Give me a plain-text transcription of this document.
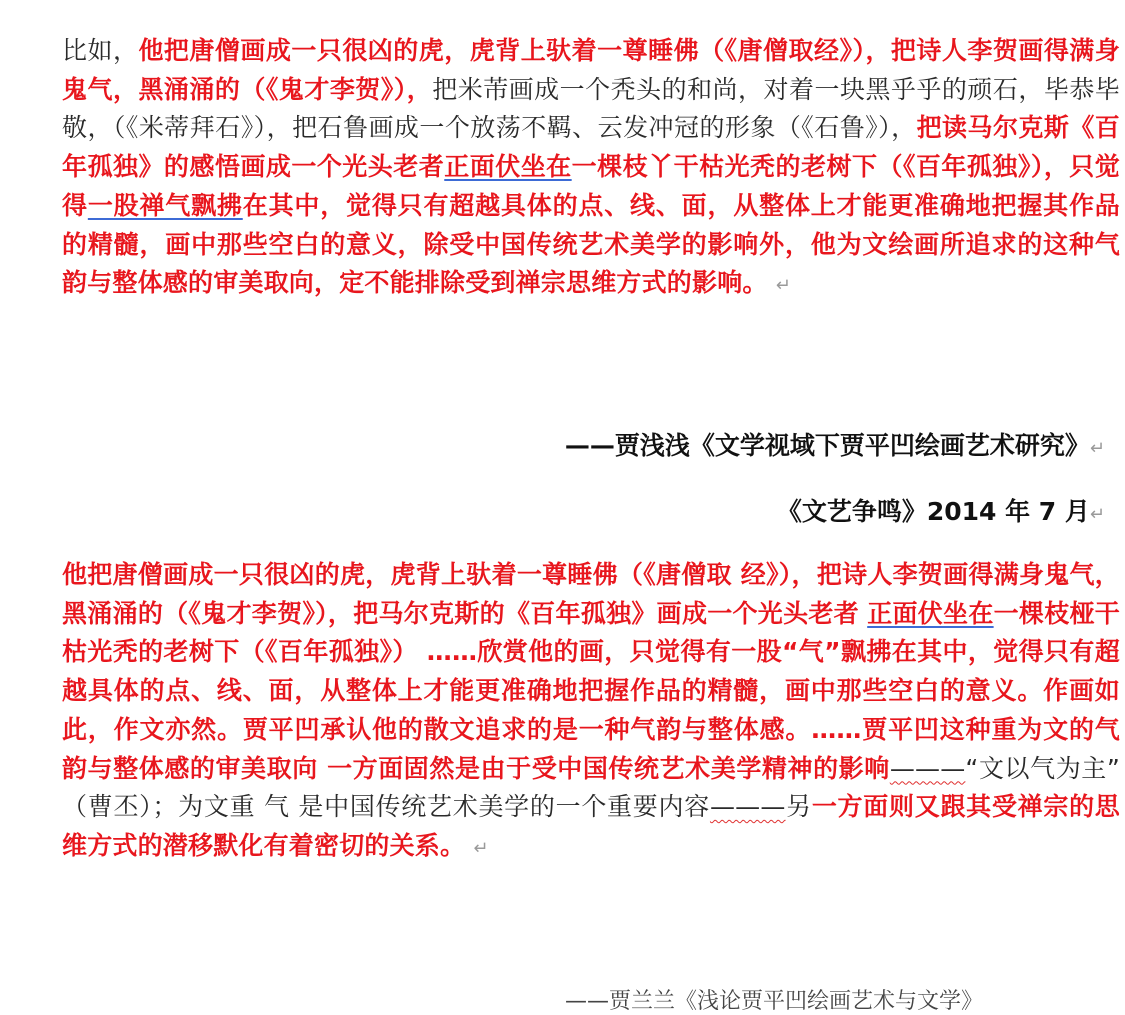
比如，他把唐僧画成一只很凶的虎，虎背上驮着一尊睡佛（《唐僧取经》），把诗人李贺画得满身鬼气，黑涌涌的（《鬼才李贺》），把米芾画成一个秃头的和尚，对着一块黑乎乎的顽石，毕恭毕敬，（《米蒂拜石》），把石鲁画成一个放荡不羁、云发冲冠的形象（《石鲁》），把读马尔克斯《百年孤独》的感悟画成一个光头老者正面伏坐在一棵枝丫干枯光秃的老树下（《百年孤独》），只觉得一股禅气飘拂在其中，觉得只有超越具体的点、线、面，从整体上才能更准确地把握其作品的精髓，画中那些空白的意义，除受中国传统艺术美学的影响外，他为文绘画所追求的这种气韵与整体感的审美取向，定不能排除受到禅宗思维方式的影响。 ↵
——贾浅浅《文学视域下贾平凹绘画艺术研究》↵
《文艺争鸣》2014 年 7 月↵
他把唐僧画成一只很凶的虎，虎背上驮着一尊睡佛（《唐僧取 经》），把诗人李贺画得满身鬼气，黑涌涌的（《鬼才李贺》），把马尔克斯的《百年孤独》画成一个光头老者 正面伏坐在一棵枝桠干枯光秃的老树下（《百年孤独》） ……欣赏他的画，只觉得有一股“气”飘拂在其中，觉得只有超越具体的点、线、面，从整体上才能更准确地把握作品的精髓，画中那些空白的意义。作画如此，作文亦然。贾平凹承认他的散文追求的是一种气韵与整体感。……贾平凹这种重为文的气韵与整体感的审美取向 一方面固然是由于受中国传统艺术美学精神的影响———“文以气为主” （曹丕）；为文重 气 是中国传统艺术美学的一个重要内容———另一方面则又跟其受禅宗的思维方式的潜移默化有着密切的关系。 ↵
——贾兰兰《浅论贾平凹绘画艺术与文学》
